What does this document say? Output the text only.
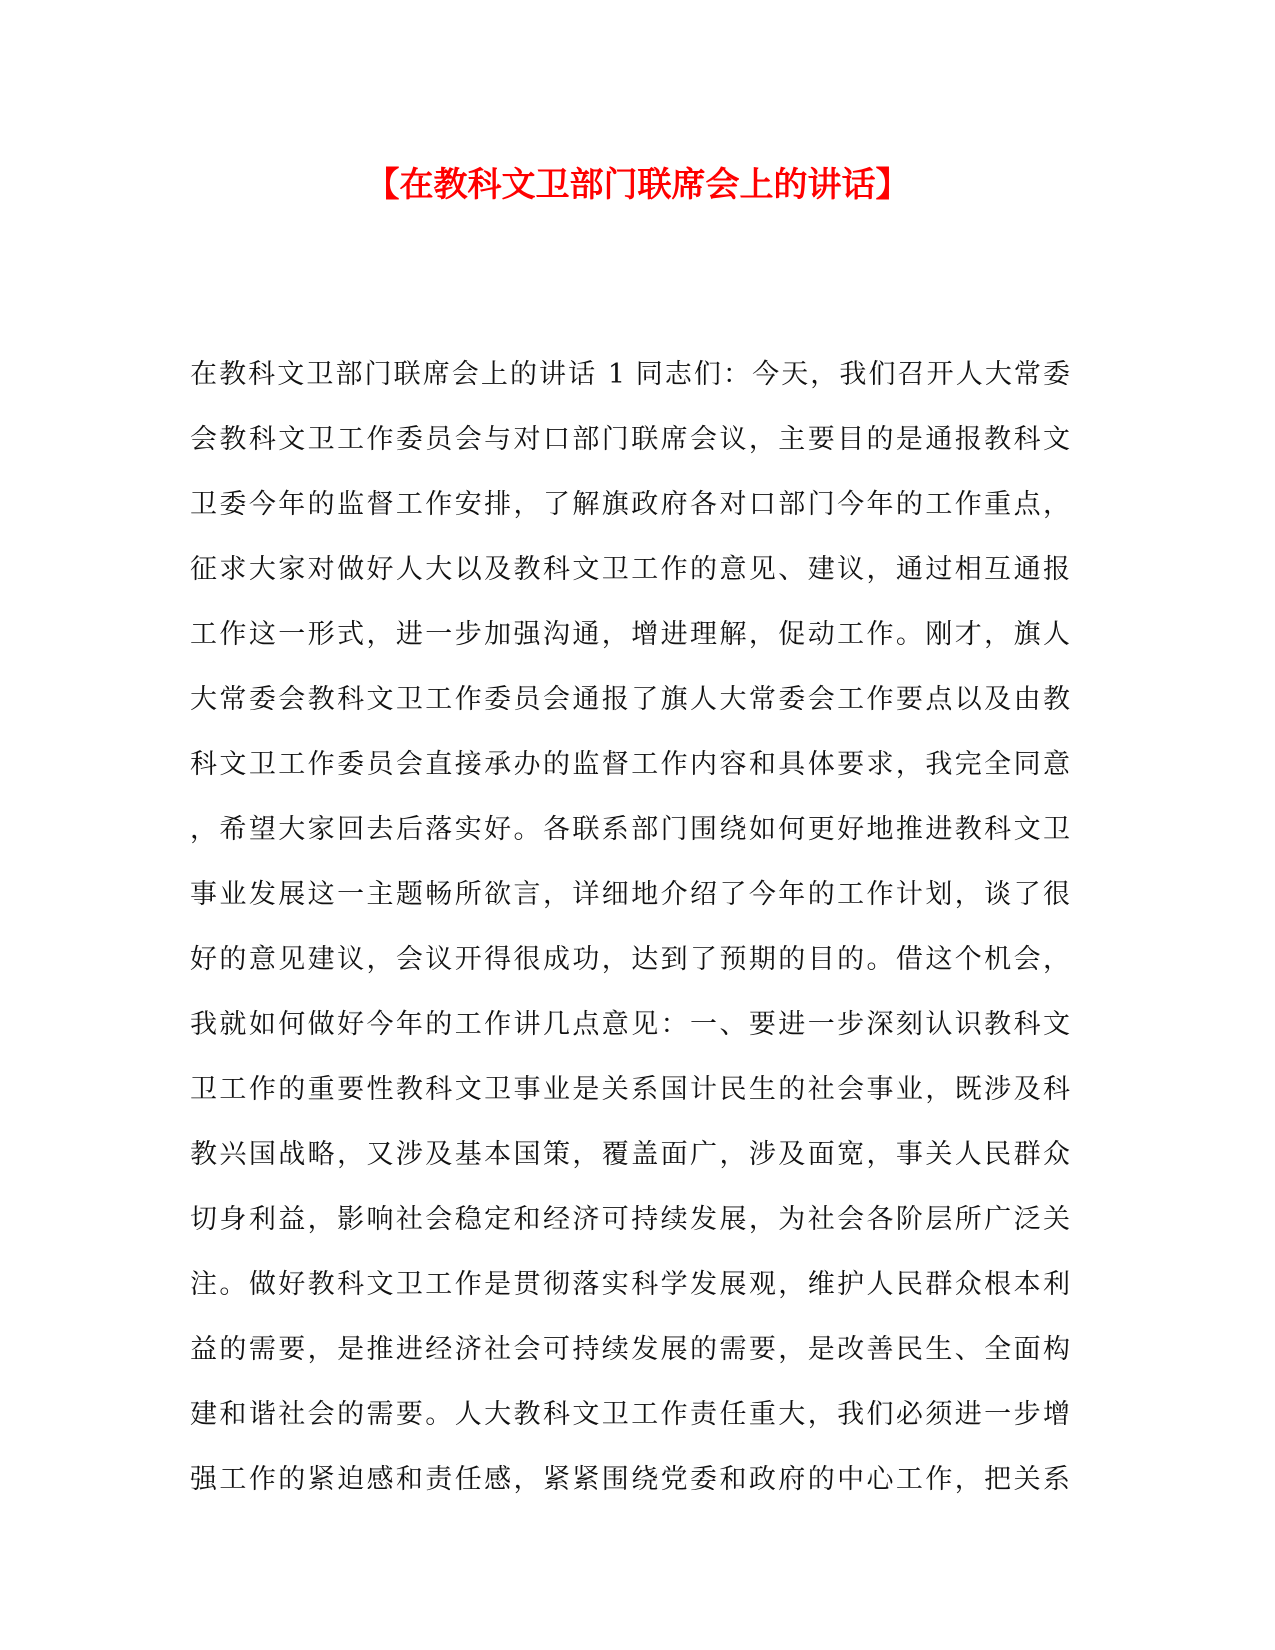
【在教科文卫部门联席会上的讲话】
在教科文卫部门联席会上的讲话 1 同志们：今天，我们召开人大常委
会教科文卫工作委员会与对口部门联席会议，主要目的是通报教科文
卫委今年的监督工作安排，了解旗政府各对口部门今年的工作重点，
征求大家对做好人大以及教科文卫工作的意见、建议，通过相互通报
工作这一形式，进一步加强沟通，增进理解，促动工作。刚才，旗人
大常委会教科文卫工作委员会通报了旗人大常委会工作要点以及由教
科文卫工作委员会直接承办的监督工作内容和具体要求，我完全同意
，希望大家回去后落实好。各联系部门围绕如何更好地推进教科文卫
事业发展这一主题畅所欲言，详细地介绍了今年的工作计划，谈了很
好的意见建议，会议开得很成功，达到了预期的目的。借这个机会，
我就如何做好今年的工作讲几点意见：一、要进一步深刻认识教科文
卫工作的重要性教科文卫事业是关系国计民生的社会事业，既涉及科
教兴国战略，又涉及基本国策，覆盖面广，涉及面宽，事关人民群众
切身利益，影响社会稳定和经济可持续发展，为社会各阶层所广泛关
注。做好教科文卫工作是贯彻落实科学发展观，维护人民群众根本利
益的需要，是推进经济社会可持续发展的需要，是改善民生、全面构
建和谐社会的需要。人大教科文卫工作责任重大，我们必须进一步增
强工作的紧迫感和责任感，紧紧围绕党委和政府的中心工作，把关系
